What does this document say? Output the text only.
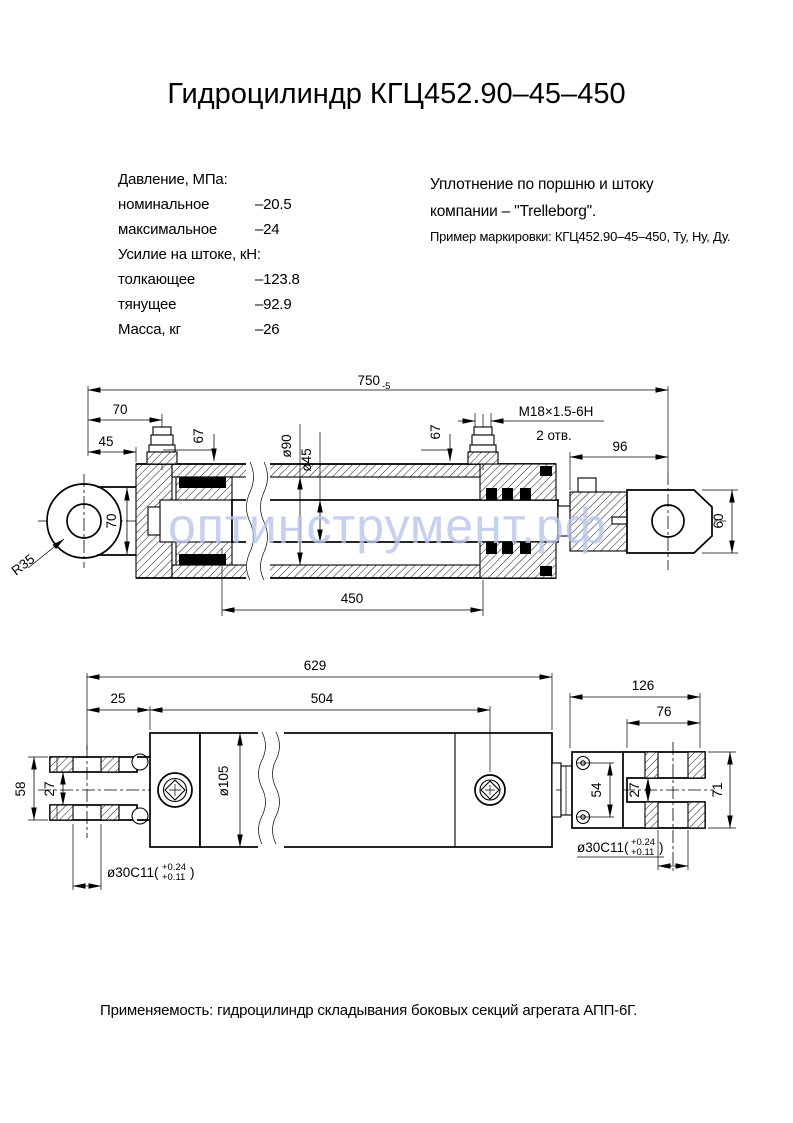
Гидроцилиндр КГЦ452.90–45–450
Давление, МПа:
номинальное	–20.5
максимальное	–24
Усилие на штоке, кН:
толкающее	–123.8
тянущее	–92.9
Масса, кг	–26
Уплотнение по поршню и штоку
компании – "Trelleborg".
Пример маркировки: КГЦ452.90–45–450, Ту, Ну, Ду.
750 -5
70
45	67	67
ø90
ø45
M18×1.5-6H
2 отв.
96
60
450
70
R35
оптинструмент.рф
629
25	504
ø105
58 27
ø30C11( +0.24
+0.11 )
126
76
71
54 27
ø30C11( +0.24
+0.11 )
Применяемость: гидроцилиндр складывания боковых секций агрегата АПП-6Г.
